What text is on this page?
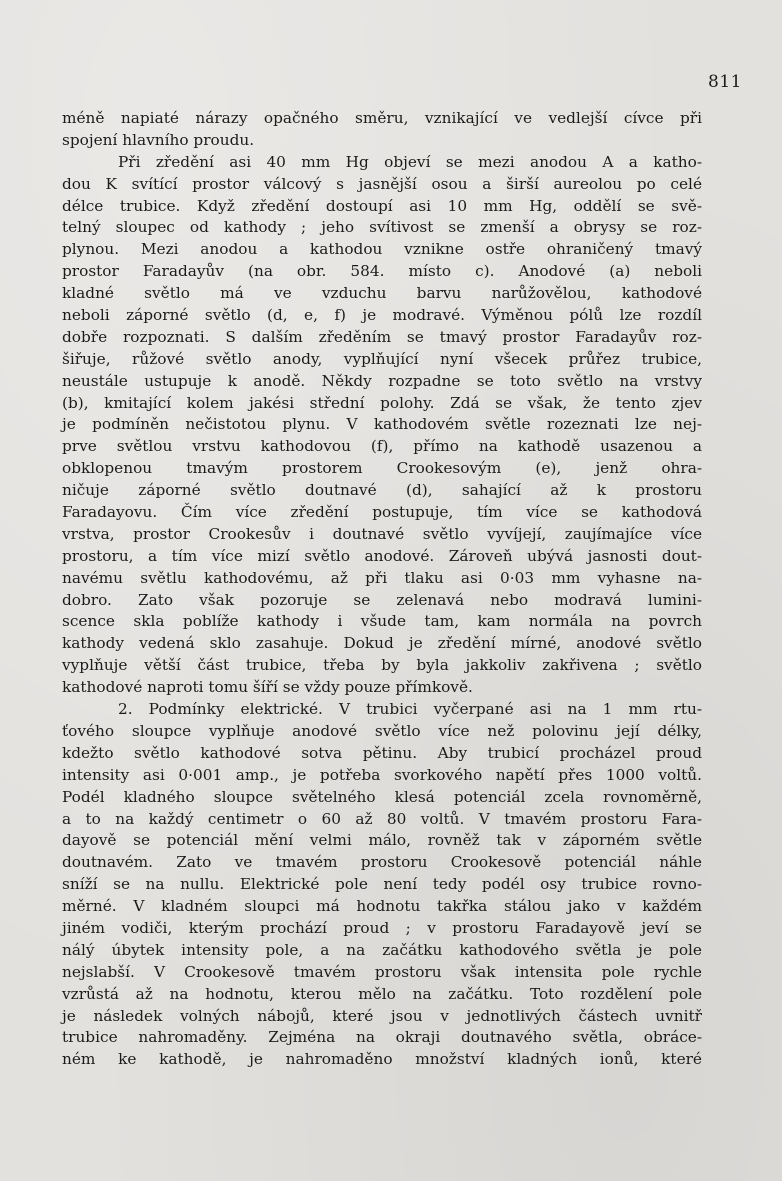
811
méně napiaté nárazy opačného směru, vznikající ve vedlejší cívce při
spojení hlavního proudu.
Při zředění asi 40 mm Hg objeví se mezi anodou A a katho-
dou K svítící prostor válcový s jasnější osou a širší aureolou po celé
délce trubice. Když zředění dostoupí asi 10 mm Hg, oddělí se svě-
telný sloupec od kathody ; jeho svítivost se zmenší a obrysy se roz-
plynou. Mezi anodou a kathodou vznikne ostře ohraničený tmavý
prostor Faradayův (na obr. 584. místo c). Anodové (a) neboli
kladné světlo má ve vzduchu barvu narůžovělou, kathodové
neboli záporné světlo (d, e, f) je modravé. Výměnou pólů lze rozdíl
dobře rozpoznati. S dalším zředěním se tmavý prostor Faradayův roz-
šiřuje, růžové světlo anody, vyplňující nyní všecek průřez trubice,
neustále ustupuje k anodě. Někdy rozpadne se toto světlo na vrstvy
(b), kmitající kolem jakési střední polohy. Zdá se však, že tento zjev
je podmíněn nečistotou plynu. V kathodovém světle rozeznati lze nej-
prve světlou vrstvu kathodovou (f), přímo na kathodě usazenou a
obklopenou tmavým prostorem Crookesovým (e), jenž ohra-
ničuje záporné světlo doutnavé (d), sahající až k prostoru
Faradayovu. Čím více zředění postupuje, tím více se kathodová
vrstva, prostor Crookesův i doutnavé světlo vyvíjejí, zaujímajíce více
prostoru, a tím více mizí světlo anodové. Zároveň ubývá jasnosti dout-
navému světlu kathodovému, až při tlaku asi 0·03 mm vyhasne na-
dobro. Zato však pozoruje se zelenavá nebo modravá lumini-
scence skla poblíže kathody i všude tam, kam normála na povrch
kathody vedená sklo zasahuje. Dokud je zředění mírné, anodové světlo
vyplňuje větší část trubice, třeba by byla jakkoliv zakřivena ; světlo
kathodové naproti tomu šíří se vždy pouze přímkově.
2. Podmínky elektrické. V trubici vyčerpané asi na 1 mm rtu-
ťového sloupce vyplňuje anodové světlo více než polovinu její délky,
kdežto světlo kathodové sotva pětinu. Aby trubicí procházel proud
intensity asi 0·001 amp., je potřeba svorkového napětí přes 1000 voltů.
Podél kladného sloupce světelného klesá potenciál zcela rovnoměrně,
a to na každý centimetr o 60 až 80 voltů. V tmavém prostoru Fara-
dayově se potenciál mění velmi málo, rovněž tak v záporném světle
doutnavém. Zato ve tmavém prostoru Crookesově potenciál náhle
sníží se na nullu. Elektrické pole není tedy podél osy trubice rovno-
měrné. V kladném sloupci má hodnotu takřka stálou jako v každém
jiném vodiči, kterým prochází proud ; v prostoru Faradayově jeví se
nálý úbytek intensity pole, a na začátku kathodového světla je pole
nejslabší. V Crookesově tmavém prostoru však intensita pole rychle
vzrůstá až na hodnotu, kterou mělo na začátku. Toto rozdělení pole
je následek volných nábojů, které jsou v jednotlivých částech uvnitř
trubice nahromaděny. Zejména na okraji doutnavého světla, obrácе-
ném ke kathodě, je nahromaděno množství kladných ionů, které
